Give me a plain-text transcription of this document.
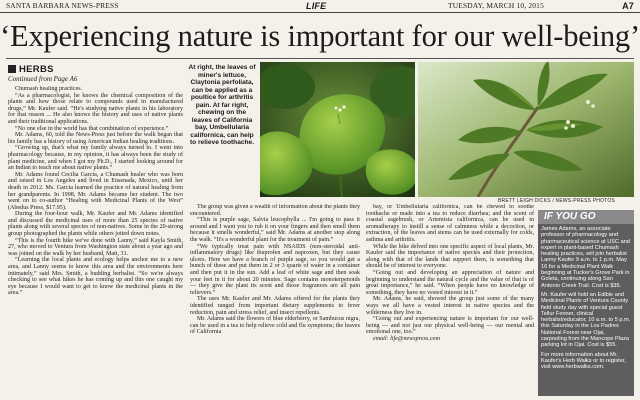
SANTA BARBARA NEWS-PRESS	LIFE	TUESDAY, MARCH 10, 2015	A7
‘Experiencing nature is important for our well-being’
HERBS
Continued from Page A6

Chumash healing practices.

“As a pharmacologist, he knows the chemical composition of the plants and how those relate to compounds used in manufactured drugs,” Mr. Kaufer said. “He's studying native plants in his laboratory for that reason ... He also knows the history and uses of native plants and their traditional applications.

“No one else in the world has that combination of experience.”

Mr. Adams, 60, told the News-Press just before the walk began that his family has a history of using American Indian healing traditions.

“Growing up, that's what my family always turned to. I went into pharmacology because, in my opinion, it has always been the study of plant medicine, and when I got my Ph.D., I started looking around for an Indian to teach me about native plants.”

Mr. Adams found Cecilia Garcia, a Chumash healer who was born and raised in Los Angeles and lived in Ensenada, Mexico, until her death in 2012. Ms. Garcia learned the practice of natural healing from her grandparents. In 1998, Mr. Adams became her student. The two went on to co-author “Healing with Medicinal Plants of the West” (Abedus Press, $17.95).

During the four-hour walk, Mr. Kaufer and Mr. Adams identified and discussed the medicinal uses of more than 25 species of native plants along with several species of non-natives. Some in the 20-strong group photographed the plants while others jotted down notes.

“This is the fourth hike we've done with Lanny,” said Kayla Smith, 27, who moved to Ventura from Washington state about a year ago and was joined on the walk by her husband, Matt, 31.

“Learning the local plants and ecology helps anchor me to a new area, and Lanny seems to know this area and the environments here intimately,” said Mrs. Smith, a budding herbalist. “So we're always checking to see what hikes he has coming up and this one caught my eye because I would want to get to know the medicinal plants in the area.”

At right, the leaves of miner's lettuce, Claytonia perfoliata, can be applied as a poultice for arthritis pain. At far right, chewing on the leaves of California bay, Umbellularia californica, can help to relieve toothache.
BRETT LEIGH DICKS / NEWS-PRESS PHOTOS

The group was given a wealth of information about the plants they encountered.

“This is purple sage, Salvia leucophylla ... I'm going to pass it around and I want you to rub it on your fingers and then smell them because it smells wonderful,” said Mr. Adams at another stop along the walk. “It's a wonderful plant for the treatment of pain.”

“We typically treat pain with NSAIDS (non-steroidal anti-inflammatory drugs) like ibuprofen and naproxen, but they cause ulcers. Here we have a branch of purple sage, so you would get a bunch of these and put them in 2 or 3 quarts of water in a container and then put it in the sun. Add a leaf of white sage and then soak your feet in it for about 20 minutes. Sage contains monoterpenoids — they give the plant its scent and those fragrances are all pain relievers.”

The uses Mr. Kaufer and Mr. Adams offered for the plants they identified ranged from important dietary supplements to fever reduction, pain and stress relief, and insect repellents.

Mr. Adams said the flowers of blue elderberry, or Sambucus nigra, can be used in a tea to help relieve cold and flu symptoms; the leaves of California

bay, or Umbellularia californica, can be chewed to soothe toothache or made into a tea to reduce diarrhea; and the scent of coastal sagebrush, or Artemisia californica, can be used in aromatherapy to instill a sense of calmness while a decoction, or extraction, of the leaves and stems can be used externally for colds, asthma and arthritis.

While the hike delved into one specific aspect of local plants, Mr. Kaufer said the importance of native species and their protection, along with that of the lands that support them, is something that should be of interest to everyone.

“Going out and developing an appreciation of nature and beginning to understand the natural cycle and the value of that is of great importance,” he said. “When people have no knowledge of something, they have no vested interest in it.”

Mr. Adams, he said, showed the group just some of the many ways we all have a vested interest in native species and the wilderness they live in.

“Going out and experiencing nature is important for our well-being — and not just our physical well-being — our mental and emotional one, too.”

email: life@newspress.com

IF YOU GO

James Adams, an associate professor of pharmacology and pharmaceutical science at USC and expert in plant-based Chumash healing practices, will join herbalist Lanny Kaufer 9 a.m. to 1 p.m. May 16 for a Medicinal Plant Walk beginning at Tucker's Grove Park in Goleta, continuing along San Antonio Creek Trail. Cost is $35.

Mr. Kaufer will hold an Edible and Medicinal Plants of Ventura County field study day with special guest Tellur Fenner, clinical herbalist/educator, 10 a.m. to 5 p.m. this Saturday in the Los Padres National Forest near Ojai, carpooling from the Mancope Plaza parking lot in Ojai. Cost is $55.

For more information about Mr. Kaufer's Herb Walks or to register, visit www.herbwalks.com.
